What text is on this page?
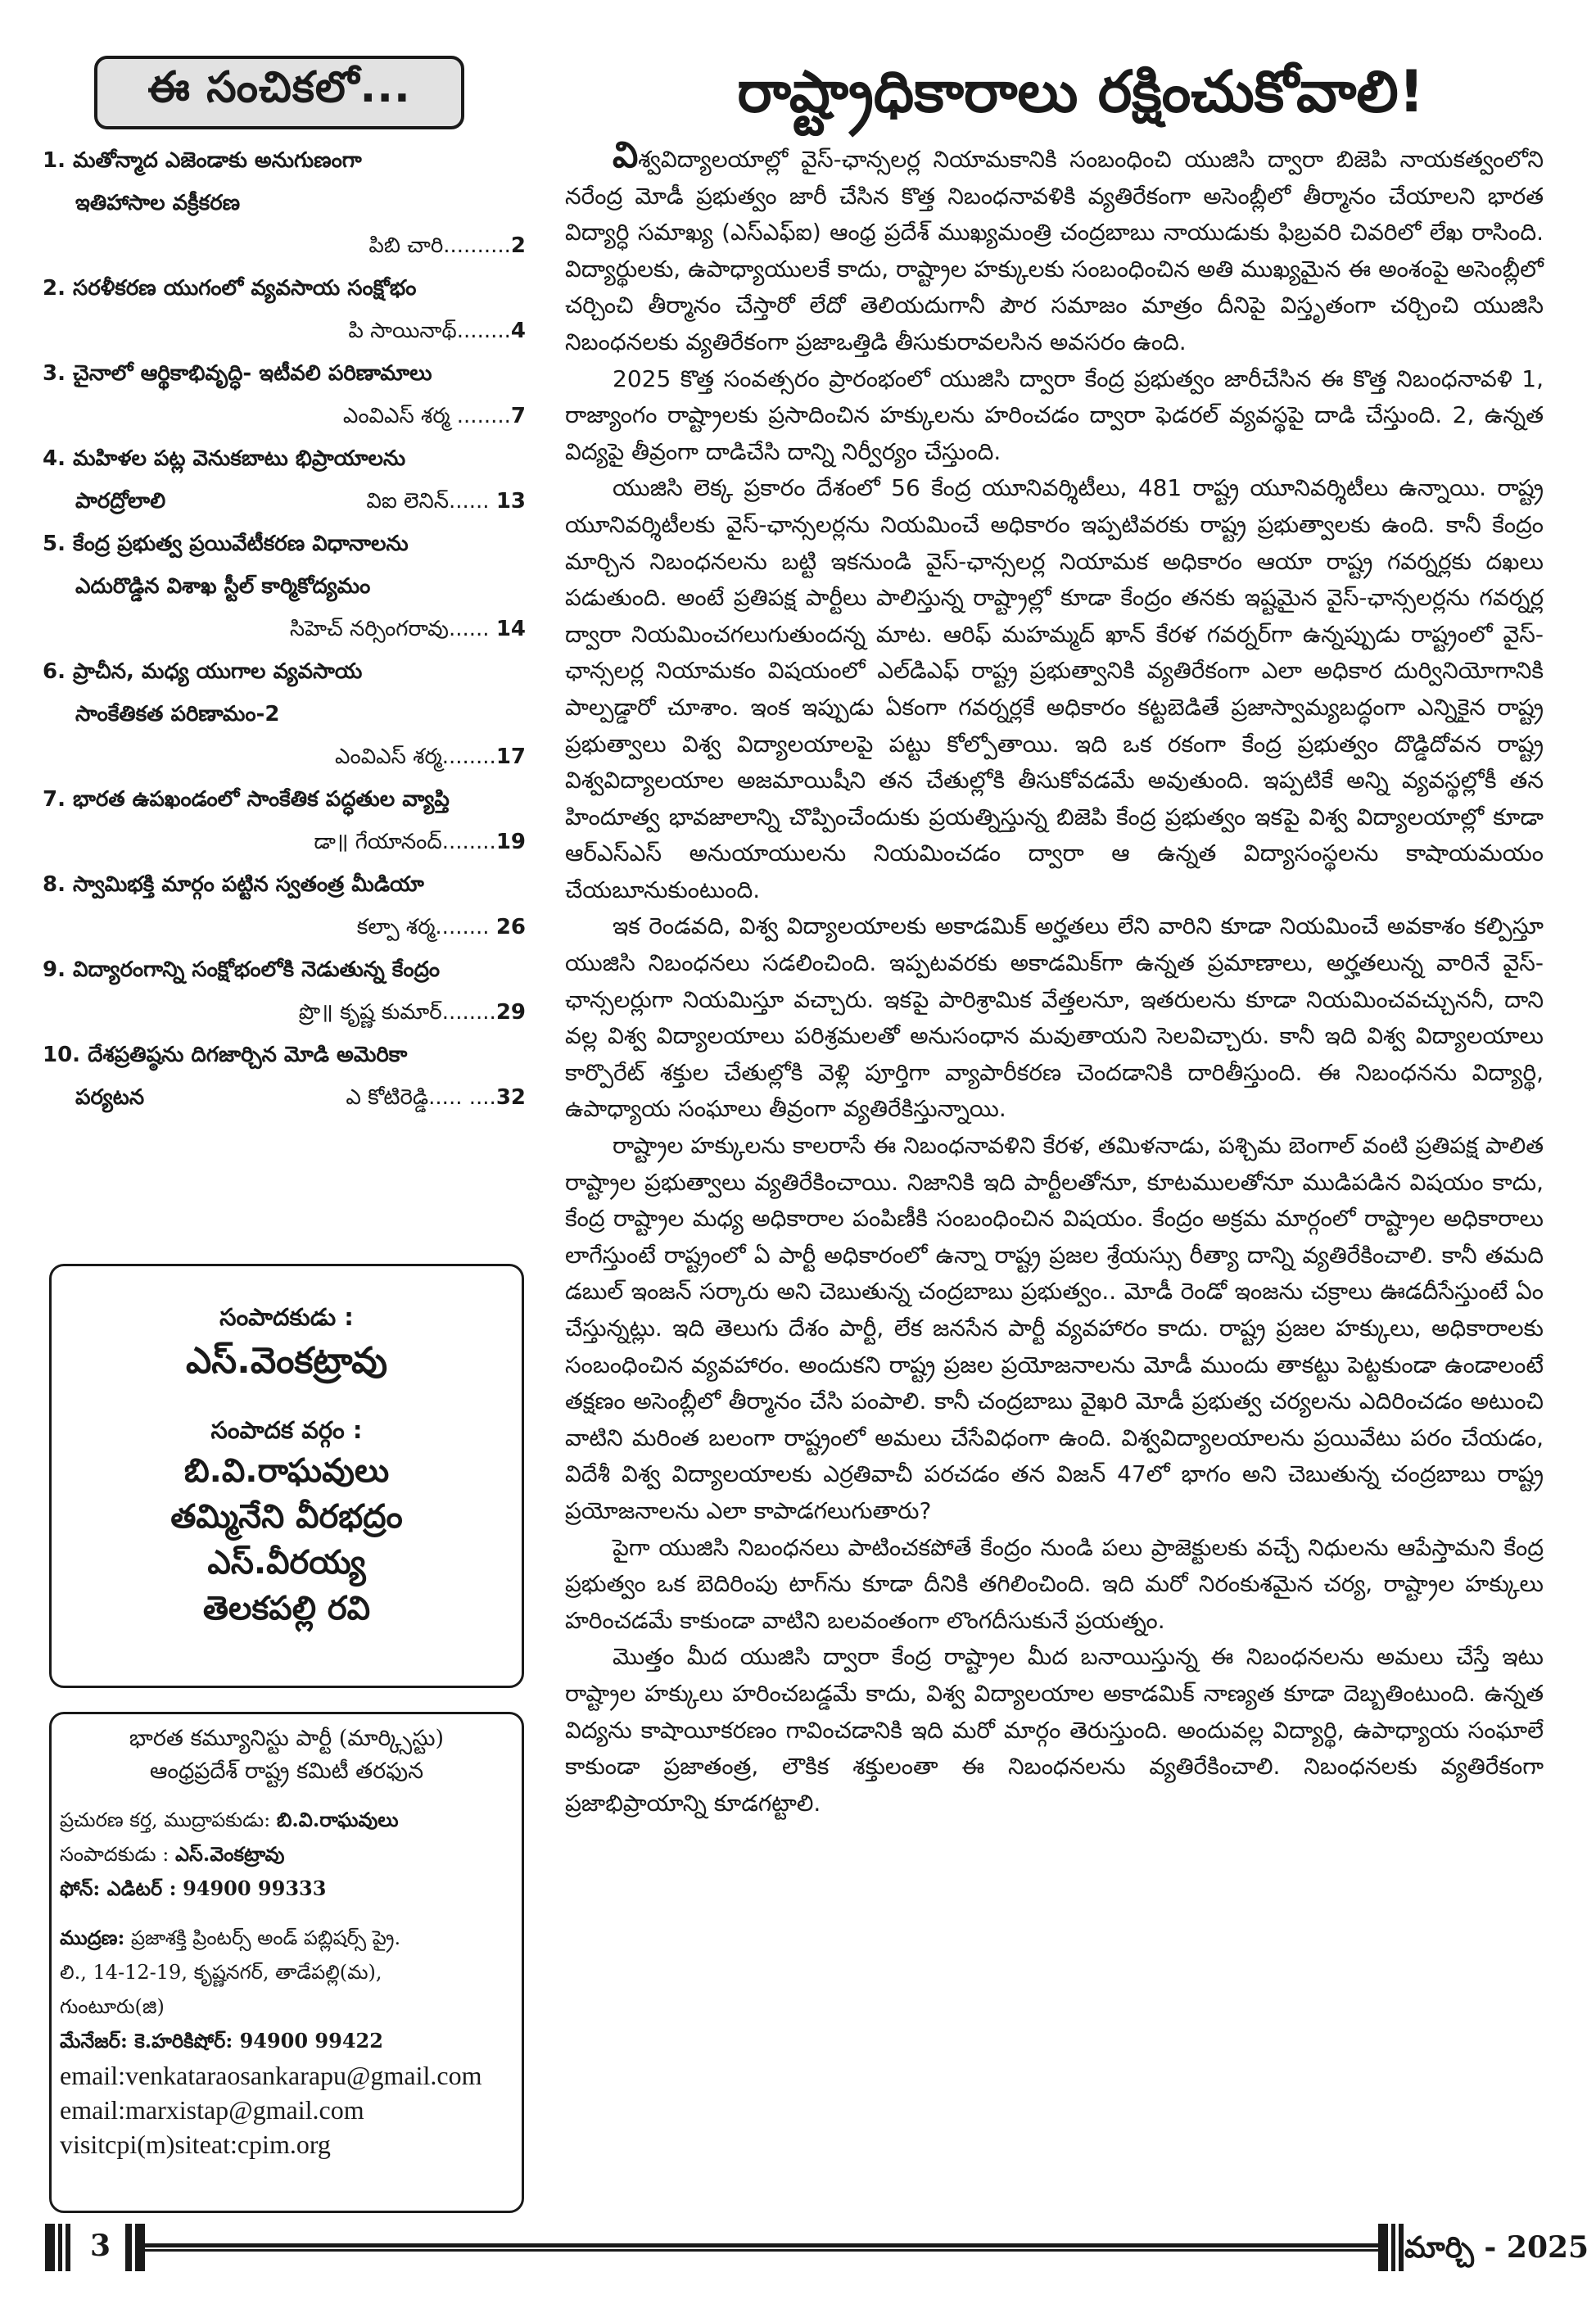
ఈ సంచికలో...
1. మతోన్మాద ఎజెండాకు అనుగుణంగా
ఇతిహాసాల వక్రీకరణ
పిబి చారి..........2
2. సరళీకరణ యుగంలో వ్యవసాయ సంక్షోభం
పి సాయినాథ్........4
3. చైనాలో ఆర్థికాభివృద్ధి- ఇటీవలి పరిణామాలు
ఎంవిఎస్ శర్మ ........7
4. మహిళల పట్ల వెనుకబాటు భిప్రాయాలను
పారద్రోలాలి	విఐ లెనిన్...... 13
5. కేంద్ర ప్రభుత్వ ప్రయివేటీకరణ విధానాలను
ఎదురొడ్డిన విశాఖ స్టీల్ కార్మికోద్యమం
సిహెచ్ నర్సింగరావు...... 14
6. ప్రాచీన, మధ్య యుగాల వ్యవసాయ
సాంకేతికత పరిణామం-2
ఎంవిఎస్ శర్మ........17
7. భారత ఉపఖండంలో సాంకేతిక పద్ధతుల వ్యాప్తి
డా॥ గేయానంద్........19
8. స్వామిభక్తి మార్గం పట్టిన స్వతంత్ర మీడియా
కల్పా శర్మ........ 26
9. విద్యారంగాన్ని సంక్షోభంలోకి నెడుతున్న కేంద్రం
ప్రొ॥ కృష్ణ కుమార్........29
10. దేశప్రతిష్ఠను దిగజార్చిన మోడి అమెరికా
పర్యటన	ఎ కోటిరెడ్డి..... ....32
సంపాదకుడు :
ఎస్.వెంకట్రావు
సంపాదక వర్గం :
బి.వి.రాఘవులు
తమ్మినేని వీరభద్రం
ఎస్.వీరయ్య
తెలకపల్లి రవి
భారత కమ్యూనిస్టు పార్టీ (మార్క్సిస్టు)
ఆంధ్రప్రదేశ్ రాష్ట్ర కమిటీ తరఫున
ప్రచురణ కర్త, ముద్రాపకుడు: బి.వి.రాఘవులు
సంపాదకుడు : ఎస్.వెంకట్రావు
ఫోన్: ఎడిటర్ : 94900 99333
ముద్రణ: ప్రజాశక్తి ప్రింటర్స్ అండ్ పబ్లిషర్స్ ప్రై.
లి., 14-12-19, కృష్ణనగర్, తాడేపల్లి(మ),
గుంటూరు(జి)
మేనేజర్: కె.హరికిషోర్: 94900 99422
email:venkataraosankarapu@gmail.com
email:marxistap@gmail.com
visitcpi(m)siteat:cpim.org
రాష్ట్రాధికారాలు రక్షించుకోవాలి!

విశ్వవిద్యాలయాల్లో వైస్-ఛాన్సలర్ల నియామకానికి సంబంధించి యుజిసి ద్వారా బిజెపి నాయకత్వంలోని నరేంద్ర మోడీ ప్రభుత్వం జారీ చేసిన కొత్త నిబంధనావళికి వ్యతిరేకంగా అసెంబ్లీలో తీర్మానం చేయాలని భారత విద్యార్ధి సమాఖ్య (ఎస్ఎఫ్ఐ) ఆంధ్ర ప్రదేశ్ ముఖ్యమంత్రి చంద్రబాబు నాయుడుకు ఫిబ్రవరి చివరిలో లేఖ రాసింది. విద్యార్థులకు, ఉపాధ్యాయులకే కాదు, రాష్ట్రాల హక్కులకు సంబంధించిన అతి ముఖ్యమైన ఈ అంశంపై అసెంబ్లీలో చర్చించి తీర్మానం చేస్తారో లేదో తెలియదుగానీ పౌర సమాజం మాత్రం దీనిపై విస్తృతంగా చర్చించి యుజిసి నిబంధనలకు వ్యతిరేకంగా ప్రజాఒత్తిడి తీసుకురావలసిన అవసరం ఉంది.

2025 కొత్త సంవత్సరం ప్రారంభంలో యుజిసి ద్వారా కేంద్ర ప్రభుత్వం జారీచేసిన ఈ కొత్త నిబంధనావళి 1, రాజ్యాంగం రాష్ట్రాలకు ప్రసాదించిన హక్కులను హరించడం ద్వారా ఫెడరల్ వ్యవస్థపై దాడి చేస్తుంది. 2, ఉన్నత విద్యపై తీవ్రంగా దాడిచేసి దాన్ని నిర్వీర్యం చేస్తుంది.

యుజిసి లెక్క ప్రకారం దేశంలో 56 కేంద్ర యూనివర్శిటీలు, 481 రాష్ట్ర యూనివర్శిటీలు ఉన్నాయి. రాష్ట్ర యూనివర్శిటీలకు వైస్-ఛాన్సలర్లను నియమించే అధికారం ఇప్పటివరకు రాష్ట్ర ప్రభుత్వాలకు ఉంది. కానీ కేంద్రం మార్చిన నిబంధనలను బట్టి ఇకనుండి వైస్-ఛాన్సలర్ల నియామక అధికారం ఆయా రాష్ట్ర గవర్నర్లకు దఖలు పడుతుంది. అంటే ప్రతిపక్ష పార్టీలు పాలిస్తున్న రాష్ట్రాల్లో కూడా కేంద్రం తనకు ఇష్టమైన వైస్-ఛాన్సలర్లను గవర్నర్ల ద్వారా నియమించగలుగుతుందన్న మాట. ఆరిఫ్ మహమ్మద్ ఖాన్ కేరళ గవర్నర్‌గా ఉన్నప్పుడు రాష్ట్రంలో వైస్-ఛాన్సలర్ల నియామకం విషయంలో ఎల్‌డిఎఫ్ రాష్ట్ర ప్రభుత్వానికి వ్యతిరేకంగా ఎలా అధికార దుర్వినియోగానికి పాల్పడ్డారో చూశాం. ఇంక ఇప్పుడు ఏకంగా గవర్నర్లకే అధికారం కట్టబెడితే ప్రజాస్వామ్యబద్ధంగా ఎన్నికైన రాష్ట్ర ప్రభుత్వాలు విశ్వ విద్యాలయాలపై పట్టు కోల్పోతాయి. ఇది ఒక రకంగా కేంద్ర ప్రభుత్వం దొడ్డిదోవన రాష్ట్ర విశ్వవిద్యాలయాల అజమాయిషీని తన చేతుల్లోకి తీసుకోవడమే అవుతుంది. ఇప్పటికే అన్ని వ్యవస్థల్లోకీ తన హిందూత్వ భావజాలాన్ని చొప్పించేందుకు ప్రయత్నిస్తున్న బిజెపి కేంద్ర ప్రభుత్వం ఇకపై విశ్వ విద్యాలయాల్లో కూడా ఆర్ఎస్ఎస్ అనుయాయులను నియమించడం ద్వారా ఆ ఉన్నత విద్యాసంస్థలను కాషాయమయం చేయబూనుకుంటుంది.

ఇక రెండవది, విశ్వ విద్యాలయాలకు అకాడమిక్ అర్హతలు లేని వారిని కూడా నియమించే అవకాశం కల్పిస్తూ యుజిసి నిబంధనలు సడలించింది. ఇప్పటవరకు అకాడమిక్‌గా ఉన్నత ప్రమాణాలు, అర్హతలున్న వారినే వైస్-ఛాన్సలర్లుగా నియమిస్తూ వచ్చారు. ఇకపై పారిశ్రామిక వేత్తలనూ, ఇతరులను కూడా నియమించవచ్చుననీ, దాని వల్ల విశ్వ విద్యాలయాలు పరిశ్రమలతో అనుసంధాన మవుతాయని సెలవిచ్చారు. కానీ ఇది విశ్వ విద్యాలయాలు కార్పొరేట్ శక్తుల చేతుల్లోకి వెళ్లి పూర్తిగా వ్యాపారీకరణ చెందడానికి దారితీస్తుంది. ఈ నిబంధనను విద్యార్థి, ఉపాధ్యాయ సంఘాలు తీవ్రంగా వ్యతిరేకిస్తున్నాయి.

రాష్ట్రాల హక్కులను కాలరాసే ఈ నిబంధనావళిని కేరళ, తమిళనాడు, పశ్చిమ బెంగాల్ వంటి ప్రతిపక్ష పాలిత రాష్ట్రాల ప్రభుత్వాలు వ్యతిరేకించాయి. నిజానికి ఇది పార్టీలతోనూ, కూటములతోనూ ముడిపడిన విషయం కాదు, కేంద్ర రాష్ట్రాల మధ్య అధికారాల పంపిణీకి సంబంధించిన విషయం. కేంద్రం అక్రమ మార్గంలో రాష్ట్రాల అధికారాలు లాగేస్తుంటే రాష్ట్రంలో ఏ పార్టీ అధికారంలో ఉన్నా రాష్ట్ర ప్రజల శ్రేయస్సు రీత్యా దాన్ని వ్యతిరేకించాలి. కానీ తమది డబుల్ ఇంజన్ సర్కారు అని చెబుతున్న చంద్రబాబు ప్రభుత్వం.. మోడీ రెండో ఇంజను చక్రాలు ఊడదీసేస్తుంటే ఏం చేస్తున్నట్లు. ఇది తెలుగు దేశం పార్టీ, లేక జనసేన పార్టీ వ్యవహారం కాదు. రాష్ట్ర ప్రజల హక్కులు, అధికారాలకు సంబంధించిన వ్యవహారం. అందుకని రాష్ట్ర ప్రజల ప్రయోజనాలను మోడీ ముందు తాకట్టు పెట్టకుండా ఉండాలంటే తక్షణం అసెంబ్లీలో తీర్మానం చేసి పంపాలి. కానీ చంద్రబాబు వైఖరి మోడీ ప్రభుత్వ చర్యలను ఎదిరించడం అటుంచి వాటిని మరింత బలంగా రాష్ట్రంలో అమలు చేసేవిధంగా ఉంది. విశ్వవిద్యాలయాలను ప్రయివేటు పరం చేయడం, విదేశీ విశ్వ విద్యాలయాలకు ఎర్రతివాచీ పరచడం తన విజన్ 47లో భాగం అని చెబుతున్న చంద్రబాబు రాష్ట్ర ప్రయోజనాలను ఎలా కాపాడగలుగుతారు?

పైగా యుజిసి నిబంధనలు పాటించకపోతే కేంద్రం నుండి పలు ప్రాజెక్టులకు వచ్చే నిధులను ఆపేస్తామని కేంద్ర ప్రభుత్వం ఒక బెదిరింపు టాగ్‌ను కూడా దీనికి తగిలించింది. ఇది మరో నిరంకుశమైన చర్య, రాష్ట్రాల హక్కులు హరించడమే కాకుండా వాటిని బలవంతంగా లొంగదీసుకునే ప్రయత్నం.

మొత్తం మీద యుజిసి ద్వారా కేంద్ర రాష్ట్రాల మీద బనాయిస్తున్న ఈ నిబంధనలను అమలు చేస్తే ఇటు రాష్ట్రాల హక్కులు హరించబడ్డమే కాదు, విశ్వ విద్యాలయాల అకాడమిక్ నాణ్యత కూడా దెబ్బతింటుంది. ఉన్నత విద్యను కాషాయీకరణం గావించడానికి ఇది మరో మార్గం తెరుస్తుంది. అందువల్ల విద్యార్థి, ఉపాధ్యాయ సంఘాలే కాకుండా ప్రజాతంత్ర, లౌకిక శక్తులంతా ఈ నిబంధనలను వ్యతిరేకించాలి. నిబంధనలకు వ్యతిరేకంగా ప్రజాభిప్రాయాన్ని కూడగట్టాలి.

3	మార్చి - 2025
